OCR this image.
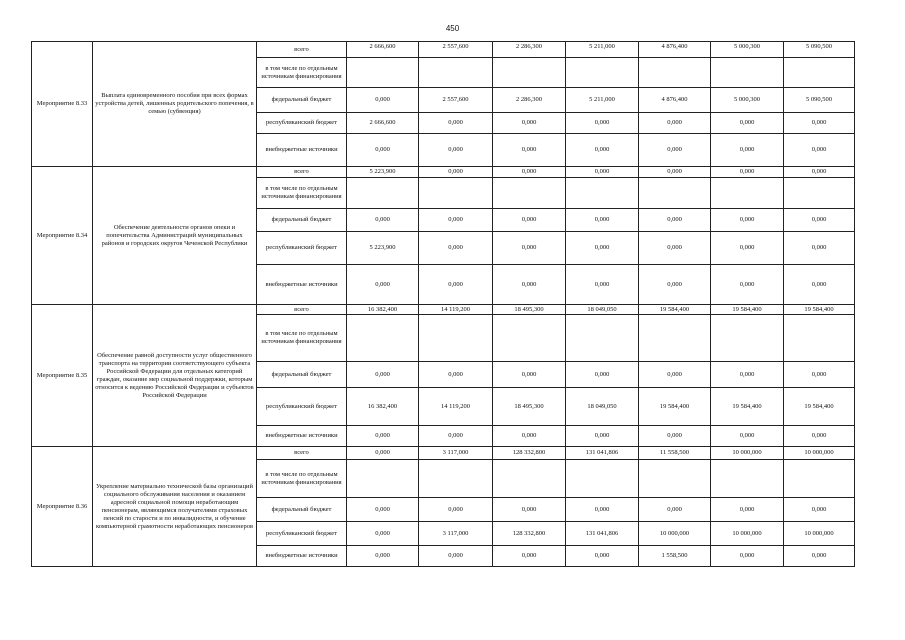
450
Мероприятие 8.33	Выплата единовременного пособия при всех формах устройства детей, лишенных родительского попечения, в семью (субвенция)	всего	2 666,600	2 557,600	2 286,300	5 211,000	4 876,400	5 000,300	5 090,500
		в том числе по отдельным источникам финансирования							
		федеральный бюджет	0,000	2 557,600	2 286,300	5 211,000	4 876,400	5 000,300	5 090,500
		республиканский бюджет	2 666,600	0,000	0,000	0,000	0,000	0,000	0,000
		внебюджетные источники	0,000	0,000	0,000	0,000	0,000	0,000	0,000
Мероприятие 8.34	Обеспечение деятельности органов опеки и попечительства Администраций муниципальных районов и городских округов Чеченской Республики	всего	5 223,900	0,000	0,000	0,000	0,000	0,000	0,000
		в том числе по отдельным источникам финансирования							
		федеральный бюджет	0,000	0,000	0,000	0,000	0,000	0,000	0,000
		республиканский бюджет	5 223,900	0,000	0,000	0,000	0,000	0,000	0,000
		внебюджетные источники	0,000	0,000	0,000	0,000	0,000	0,000	0,000
Мероприятие 8.35	Обеспечение равной доступности услуг общественного транспорта на территории соответствующего субъекта Российской Федерации для отдельных категорий граждан, оказание мер социальной поддержки, которым относится к ведению Российской Федерации и субъектов Российской Федерации	всего	16 382,400	14 119,200	18 495,300	18 049,050	19 584,400	19 584,400	19 584,400
		в том числе по отдельным источникам финансирования							
		федеральный бюджет	0,000	0,000	0,000	0,000	0,000	0,000	0,000
		республиканский бюджет	16 382,400	14 119,200	18 495,300	18 049,050	19 584,400	19 584,400	19 584,400
		внебюджетные источники	0,000	0,000	0,000	0,000	0,000	0,000	0,000
Мероприятие 8.36	Укрепление материально технической базы организаций социального обслуживания населения и оказанием адресной социальной помощи неработающим пенсионерам, являющимся получателями страховых пенсий по старости и по инвалидности, и обучение компьютерной грамотности неработающих пенсионеров	всего	0,000	3 117,000	128 332,800	131 041,806	11 558,500	10 000,000	10 000,000
		в том числе по отдельным источникам финансирования							
		федеральный бюджет	0,000	0,000	0,000	0,000	0,000	0,000	0,000
		республиканский бюджет	0,000	3 117,000	128 332,800	131 041,806	10 000,000	10 000,000	10 000,000
		внебюджетные источники	0,000	0,000	0,000	0,000	1 558,500	0,000	0,000
